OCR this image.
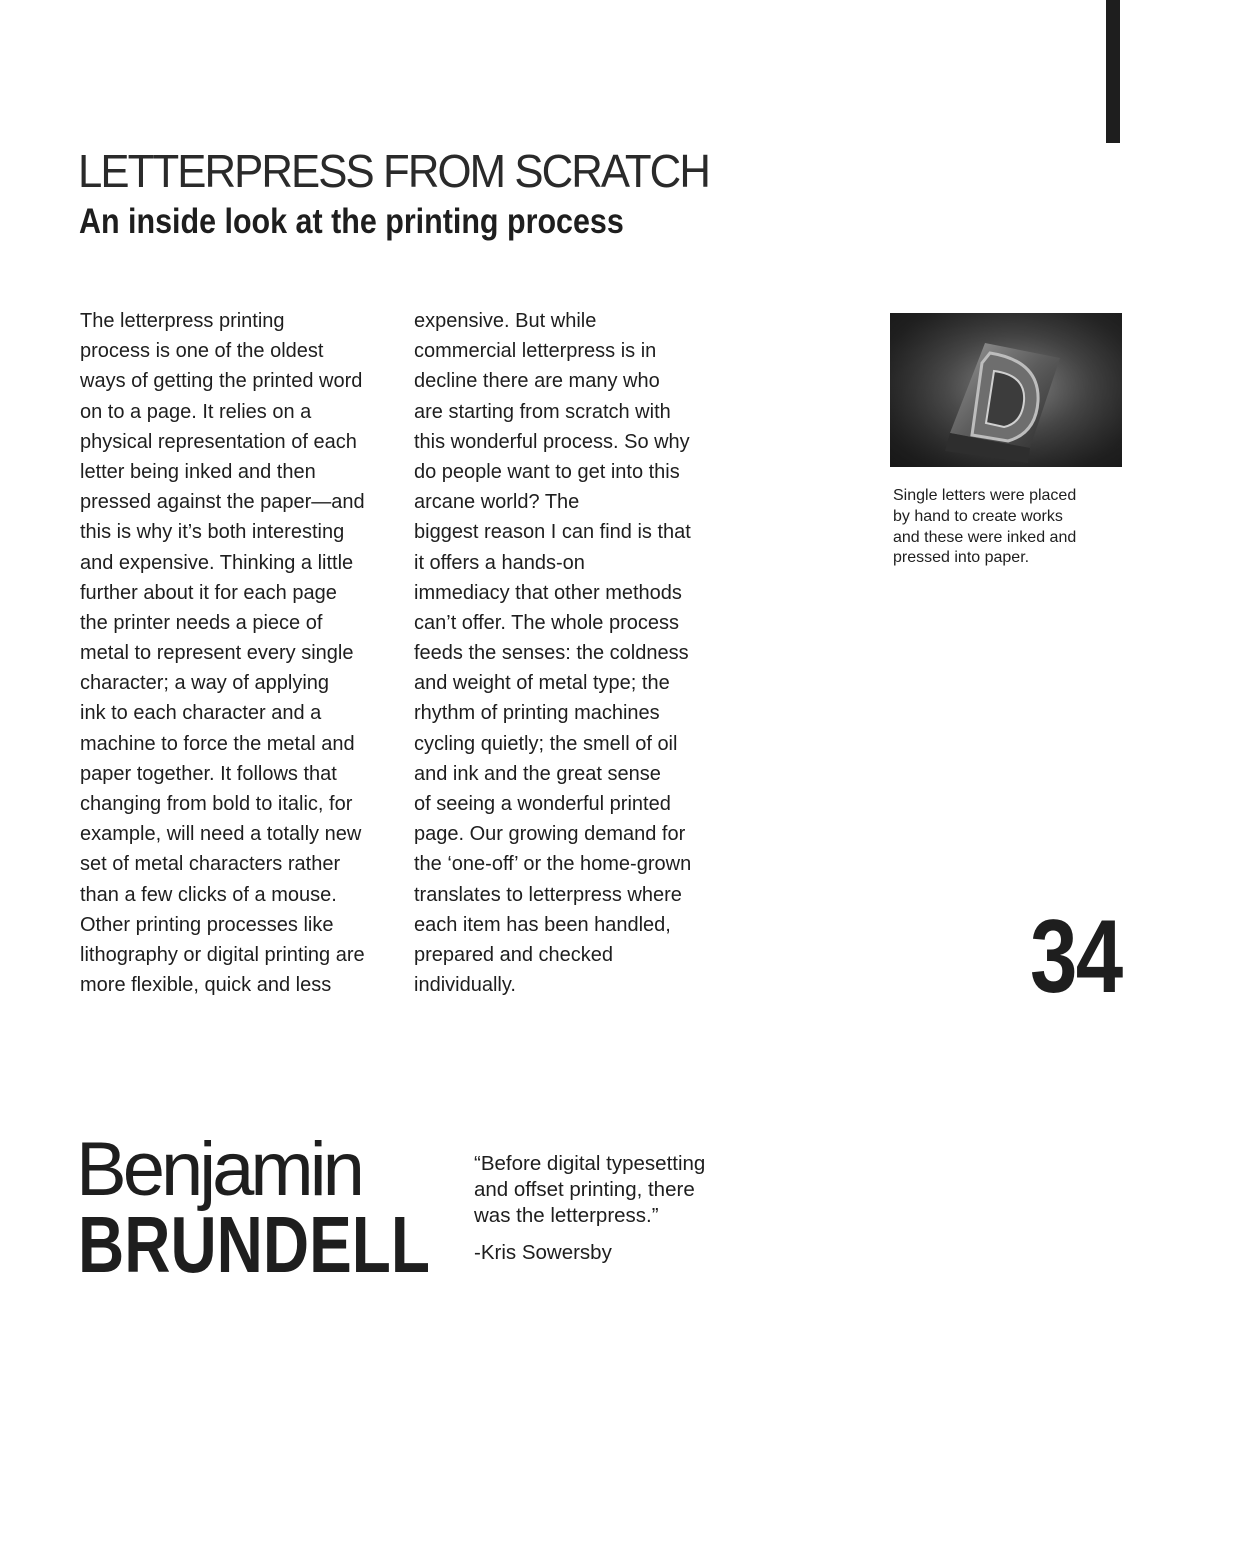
LETTERPRESS FROM SCRATCH
An inside look at the printing process
The letterpress printing
process is one of the oldest
ways of getting the printed word
on to a page. It relies on a
physical representation of each
letter being inked and then
pressed against the paper—and
this is why it’s both interesting
and expensive. Thinking a little
further about it for each page
the printer needs a piece of
metal to represent every single
character; a way of applying
ink to each character and a
machine to force the metal and
paper together. It follows that
changing from bold to italic, for
example, will need a totally new
set of metal characters rather
than a few clicks of a mouse.
Other printing processes like
lithography or digital printing are
more flexible, quick and less
expensive. But while
commercial letterpress is in
decline there are many who
are starting from scratch with
this wonderful process. So why
do people want to get into this
arcane world? The
biggest reason I can find is that
it offers a hands-on
immediacy that other methods
can’t offer. The whole process
feeds the senses: the coldness
and weight of metal type; the
rhythm of printing machines
cycling quietly; the smell of oil
and ink and the great sense
of seeing a wonderful printed
page. Our growing demand for
the ‘one-off’ or the home-grown
translates to letterpress where
each item has been handled,
prepared and checked
individually.
Single letters were placed
by hand to create works
and these were inked and
pressed into paper.
34
Benjamin
BRUNDELL
“Before digital typesetting
and offset printing, there
was the letterpress.”
-Kris Sowersby
